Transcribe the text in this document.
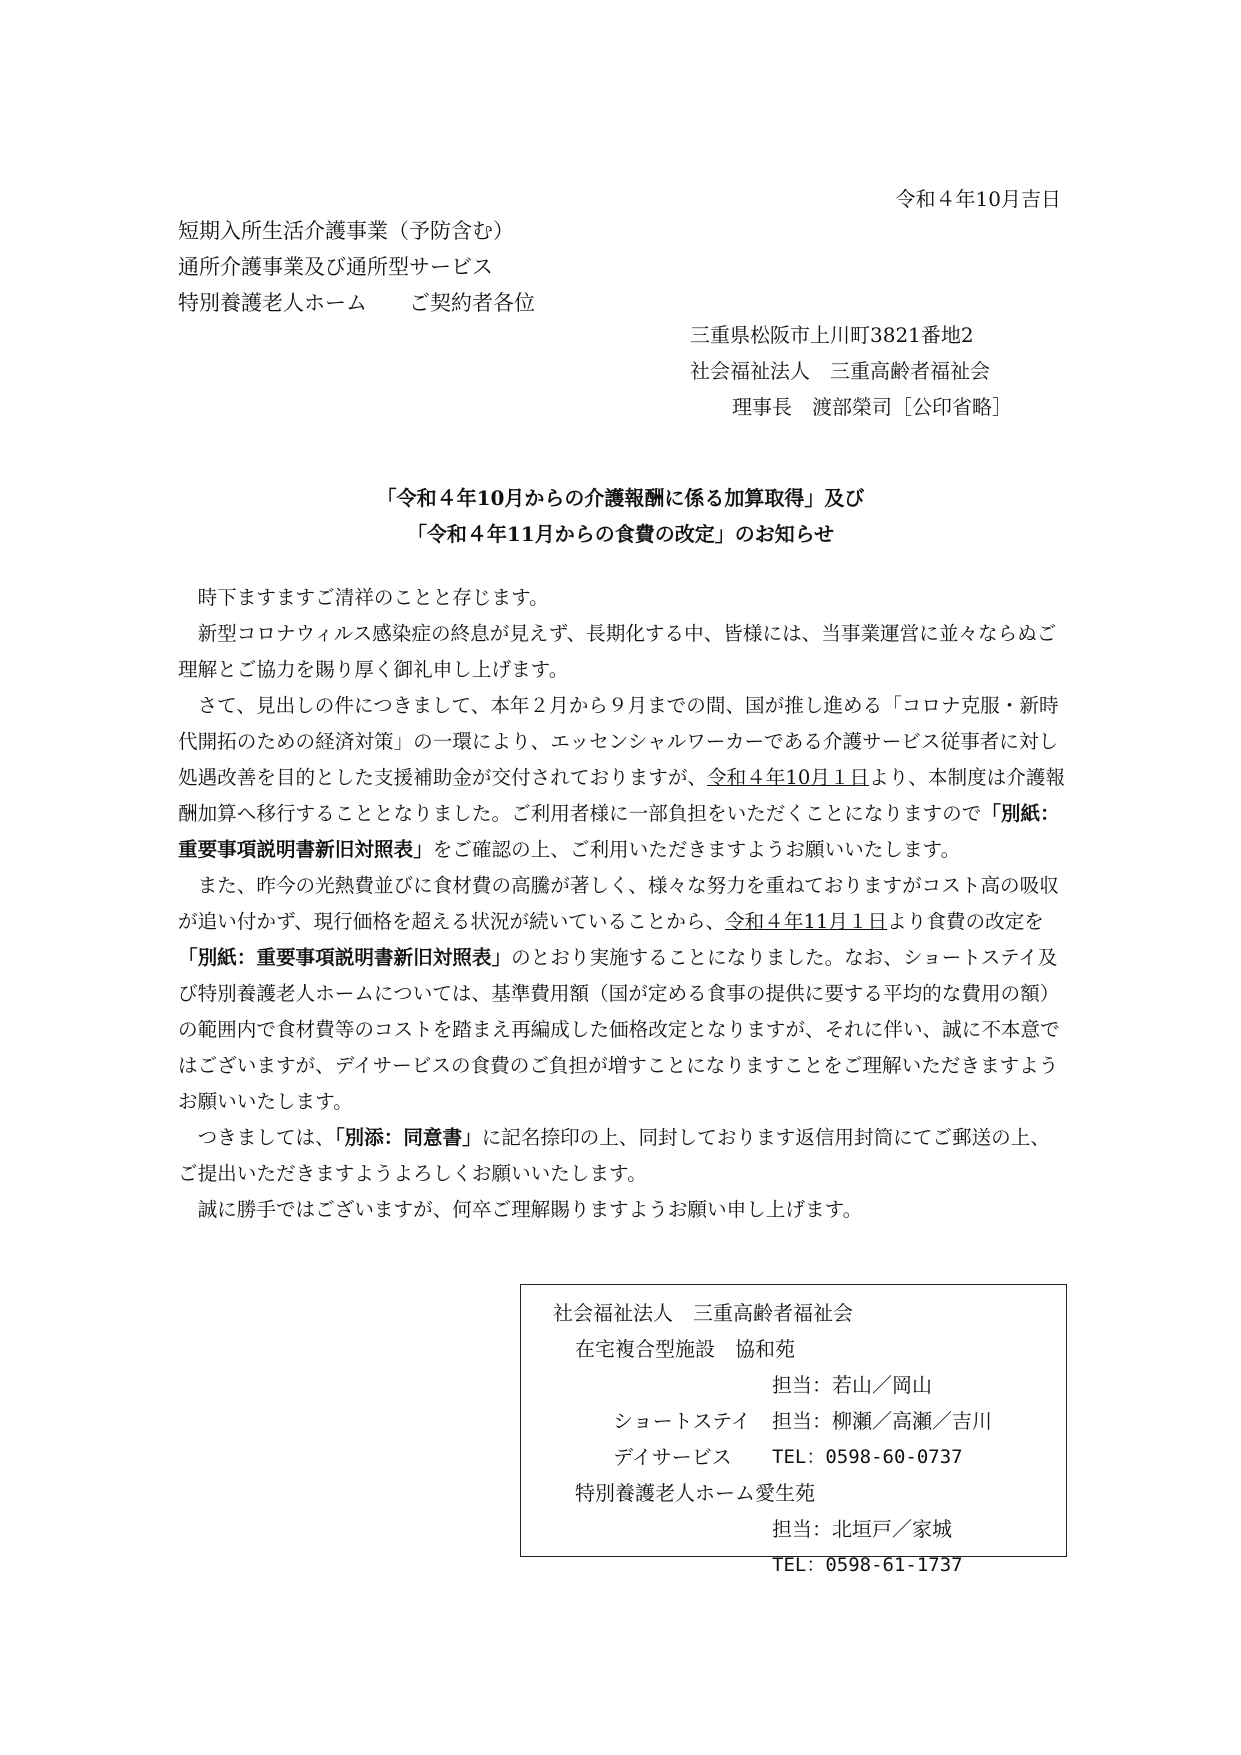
令和４年10月吉日
短期入所生活介護事業（予防含む）
通所介護事業及び通所型サービス
特別養護老人ホーム　　ご契約者各位
三重県松阪市上川町3821番地2
社会福祉法人　三重高齢者福祉会
理事長　渡部榮司［公印省略］
「令和４年10月からの介護報酬に係る加算取得」及び
「令和４年11月からの食費の改定」のお知らせ

時下ますますご清祥のことと存じます。

新型コロナウィルス感染症の終息が見えず、長期化する中、皆様には、当事業運営に並々ならぬご理解とご協力を賜り厚く御礼申し上げます。

さて、見出しの件につきまして、本年２月から９月までの間、国が推し進める「コロナ克服・新時代開拓のための経済対策」の一環により、エッセンシャルワーカーである介護サービス従事者に対し処遇改善を目的とした支援補助金が交付されておりますが、令和４年10月１日より、本制度は介護報酬加算へ移行することとなりました。ご利用者様に一部負担をいただくことになりますので「別紙：重要事項説明書新旧対照表」をご確認の上、ご利用いただきますようお願いいたします。

また、昨今の光熱費並びに食材費の高騰が著しく、様々な努力を重ねておりますがコスト高の吸収が追い付かず、現行価格を超える状況が続いていることから、令和４年11月１日より食費の改定を「別紙：重要事項説明書新旧対照表」のとおり実施することになりました。なお、ショートステイ及び特別養護老人ホームについては、基準費用額（国が定める食事の提供に要する平均的な費用の額）の範囲内で食材費等のコストを踏まえ再編成した価格改定となりますが、それに伴い、誠に不本意ではございますが、デイサービスの食費のご負担が増すことになりますことをご理解いただきますようお願いいたします。

つきましては、「別添：同意書」に記名捺印の上、同封しております返信用封筒にてご郵送の上、ご提出いただきますようよろしくお願いいたします。

誠に勝手ではございますが、何卒ご理解賜りますようお願い申し上げます。

社会福祉法人　三重高齢者福祉会
在宅複合型施設　協和苑

ショートステイ

担当：若山／岡山

デイサービス

担当：柳瀬／高瀬／吉川

TEL：0598-60-0737

特別養護老人ホーム愛生苑

担当：北垣戸／家城

TEL：0598-61-1737
